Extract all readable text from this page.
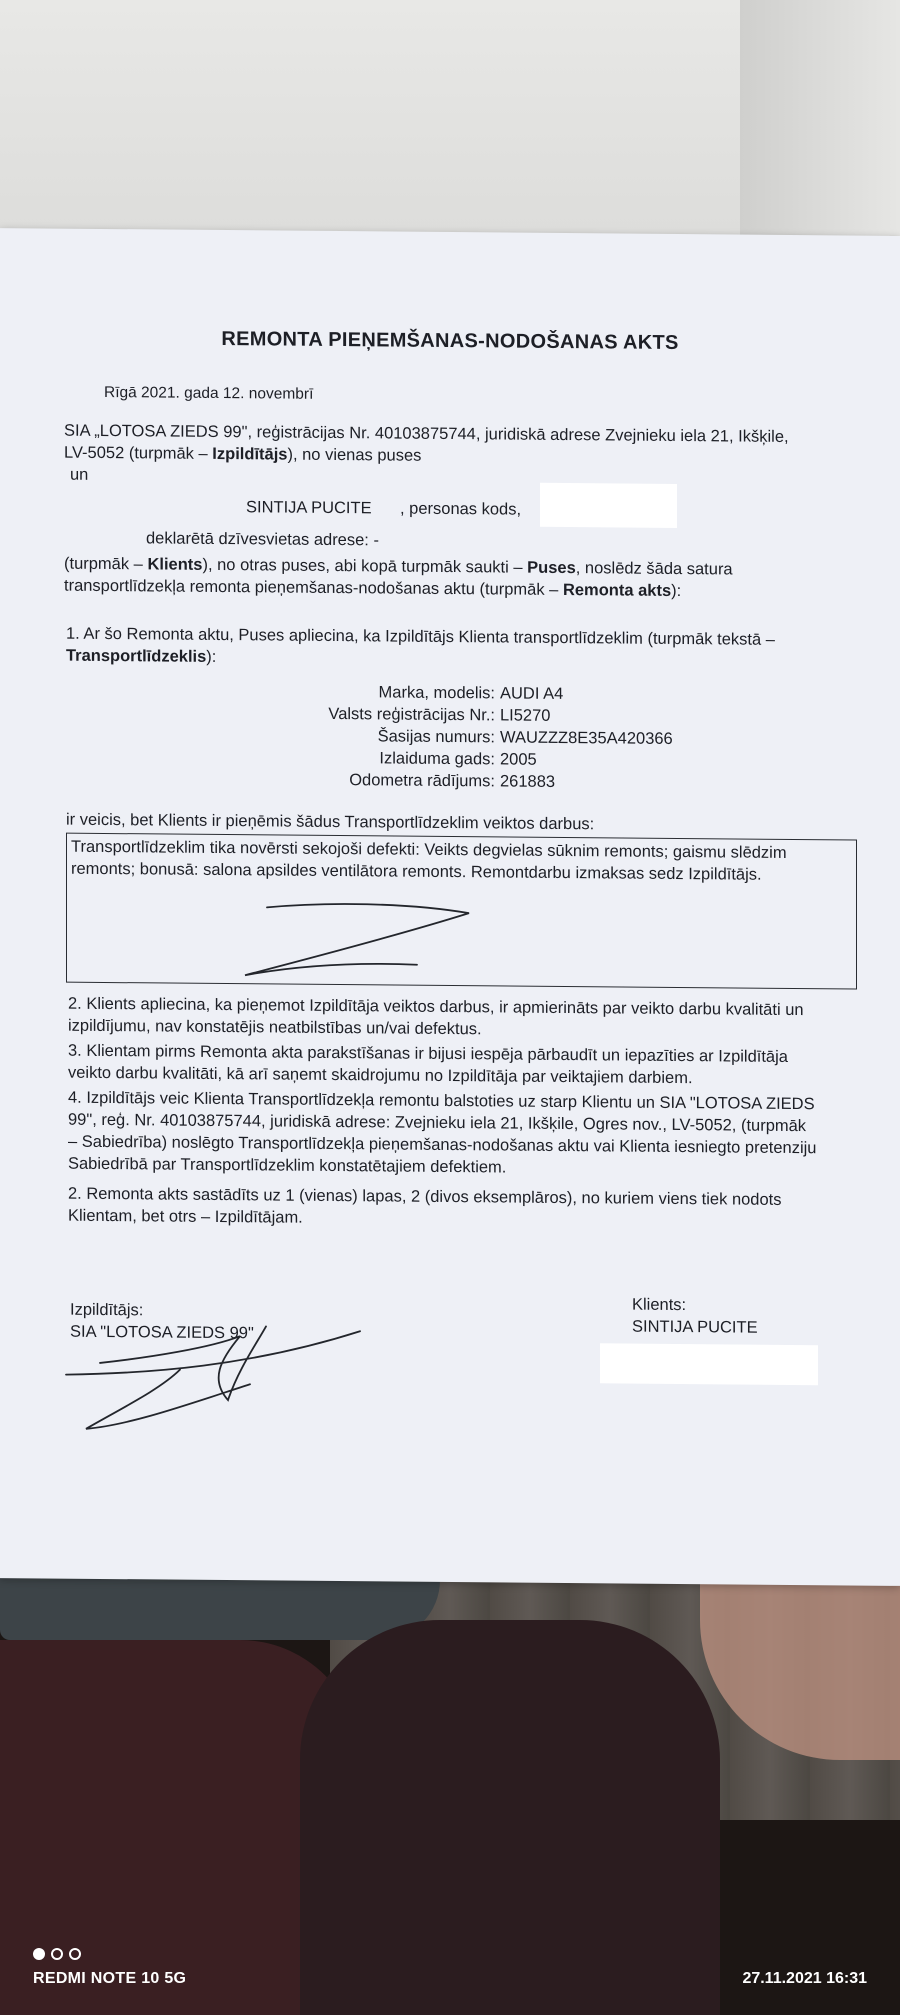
REMONTA PIEŅEMŠANAS-NODOŠANAS AKTS
Rīgā 2021. gada 12. novembrī
SIA „LOTOSA ZIEDS 99", reģistrācijas Nr. 40103875744, juridiskā adrese Zvejnieku iela 21, Ikšķile,
LV-5052 (turpmāk – Izpildītājs), no vienas puses
un
SINTIJA PUCITE , personas kods,
deklarētā dzīvesvietas adrese: -
(turpmāk – Klients), no otras puses, abi kopā turpmāk saukti – Puses, noslēdz šāda satura
transportlīdzekļa remonta pieņemšanas-nodošanas aktu (turpmāk – Remonta akts):
1. Ar šo Remonta aktu, Puses apliecina, ka Izpildītājs Klienta transportlīdzeklim (turpmāk tekstā –
Transportlīdzeklis):
Marka, modelis: AUDI A4
Valsts reģistrācijas Nr.: LI5270
Šasijas numurs: WAUZZZ8E35A420366
Izlaiduma gads: 2005
Odometra rādījums: 261883
ir veicis, bet Klients ir pieņēmis šādus Transportlīdzeklim veiktos darbus:
Transportlīdzeklim tika novērsti sekojoši defekti: Veikts degvielas sūknim remonts; gaismu slēdzim
remonts; bonusā: salona apsildes ventilātora remonts. Remontdarbu izmaksas sedz Izpildītājs.
2. Klients apliecina, ka pieņemot Izpildītāja veiktos darbus, ir apmierināts par veikto darbu kvalitāti un
izpildījumu, nav konstatējis neatbilstības un/vai defektus.
3. Klientam pirms Remonta akta parakstīšanas ir bijusi iespēja pārbaudīt un iepazīties ar Izpildītāja
veikto darbu kvalitāti, kā arī saņemt skaidrojumu no Izpildītāja par veiktajiem darbiem.
4. Izpildītājs veic Klienta Transportlīdzekļa remontu balstoties uz starp Klientu un SIA "LOTOSA ZIEDS
99", reģ. Nr. 40103875744, juridiskā adrese: Zvejnieku iela 21, Ikšķile, Ogres nov., LV-5052, (turpmāk
– Sabiedrība) noslēgto Transportlīdzekļa pieņemšanas-nodošanas aktu vai Klienta iesniegto pretenziju
Sabiedrībā par Transportlīdzeklim konstatētajiem defektiem.
2. Remonta akts sastādīts uz 1 (vienas) lapas, 2 (divos eksemplāros), no kuriem viens tiek nodots
Klientam, bet otrs – Izpildītājam.
Izpildītājs:
SIA "LOTOSA ZIEDS 99"
Klients:
SINTIJA PUCITE
REDMI NOTE 10 5G	27.11.2021 16:31
